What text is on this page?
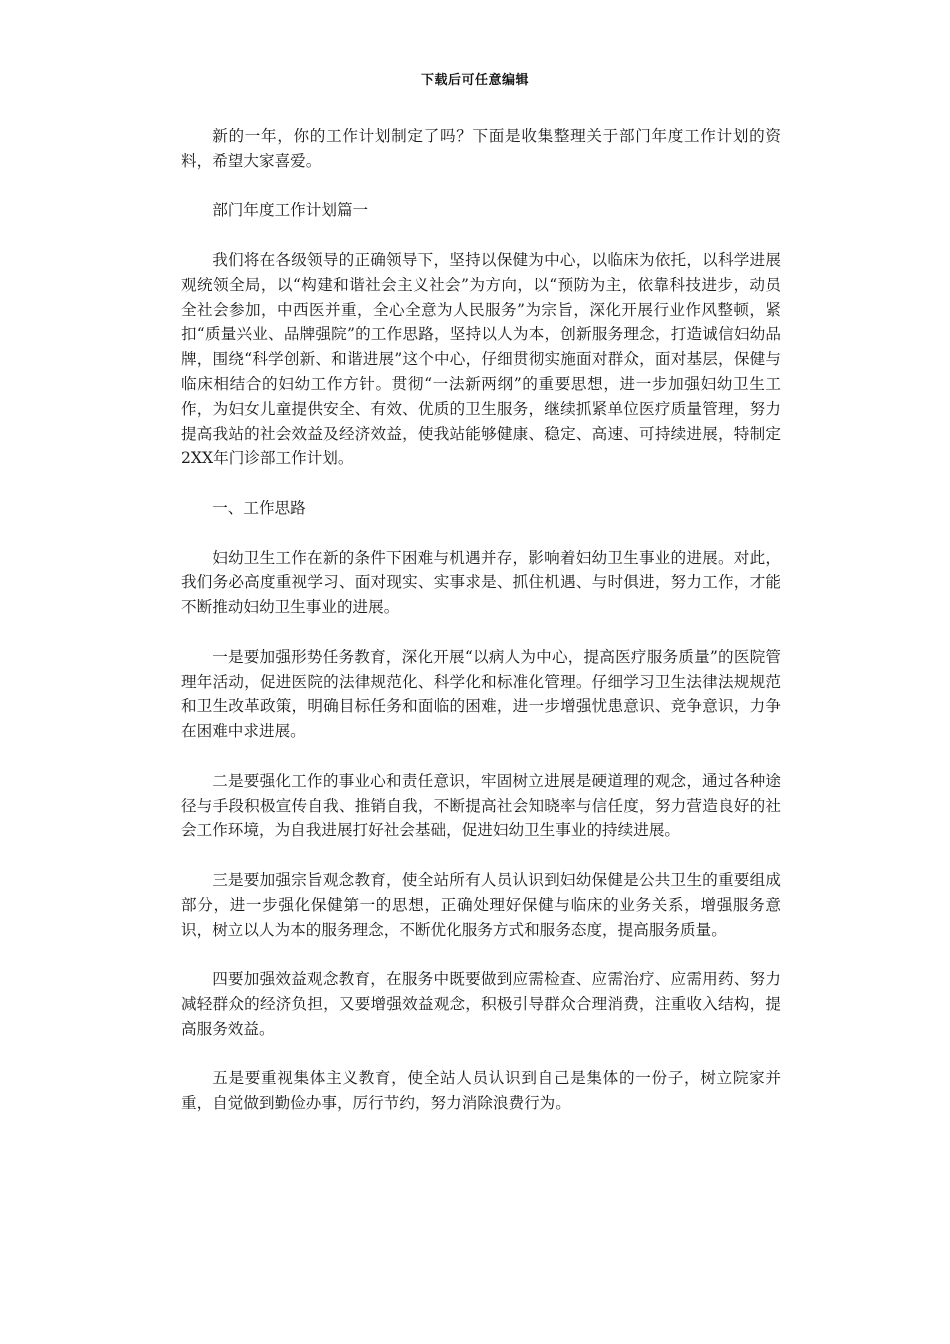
下载后可任意编辑

新的一年，你的工作计划制定了吗？下面是收集整理关于部门年度工作计划的资料，希望大家喜爱。

部门年度工作计划篇一

我们将在各级领导的正确领导下，坚持以保健为中心，以临床为依托，以科学进展观统领全局，以“构建和谐社会主义社会”为方向，以“预防为主，依靠科技进步，动员全社会参加，中西医并重，全心全意为人民服务”为宗旨，深化开展行业作风整顿，紧扣“质量兴业、品牌强院”的工作思路，坚持以人为本，创新服务理念，打造诚信妇幼品牌，围绕“科学创新、和谐进展”这个中心，仔细贯彻实施面对群众，面对基层，保健与临床相结合的妇幼工作方针。贯彻“一法新两纲”的重要思想，进一步加强妇幼卫生工作，为妇女儿童提供安全、有效、优质的卫生服务，继续抓紧单位医疗质量管理，努力提高我站的社会效益及经济效益，使我站能够健康、稳定、高速、可持续进展，特制定2XX年门诊部工作计划。

一、工作思路

妇幼卫生工作在新的条件下困难与机遇并存，影响着妇幼卫生事业的进展。对此，我们务必高度重视学习、面对现实、实事求是、抓住机遇、与时俱进，努力工作，才能不断推动妇幼卫生事业的进展。

一是要加强形势任务教育，深化开展“以病人为中心，提高医疗服务质量”的医院管理年活动，促进医院的法律规范化、科学化和标准化管理。仔细学习卫生法律法规规范和卫生改革政策，明确目标任务和面临的困难，进一步增强忧患意识、竞争意识，力争在困难中求进展。

二是要强化工作的事业心和责任意识，牢固树立进展是硬道理的观念，通过各种途径与手段积极宣传自我、推销自我，不断提高社会知晓率与信任度，努力营造良好的社会工作环境，为自我进展打好社会基础，促进妇幼卫生事业的持续进展。

三是要加强宗旨观念教育，使全站所有人员认识到妇幼保健是公共卫生的重要组成部分，进一步强化保健第一的思想，正确处理好保健与临床的业务关系，增强服务意识，树立以人为本的服务理念，不断优化服务方式和服务态度，提高服务质量。

四要加强效益观念教育，在服务中既要做到应需检查、应需治疗、应需用药、努力减轻群众的经济负担，又要增强效益观念，积极引导群众合理消费，注重收入结构，提高服务效益。

五是要重视集体主义教育，使全站人员认识到自己是集体的一份子，树立院家并重，自觉做到勤俭办事，厉行节约，努力消除浪费行为。
